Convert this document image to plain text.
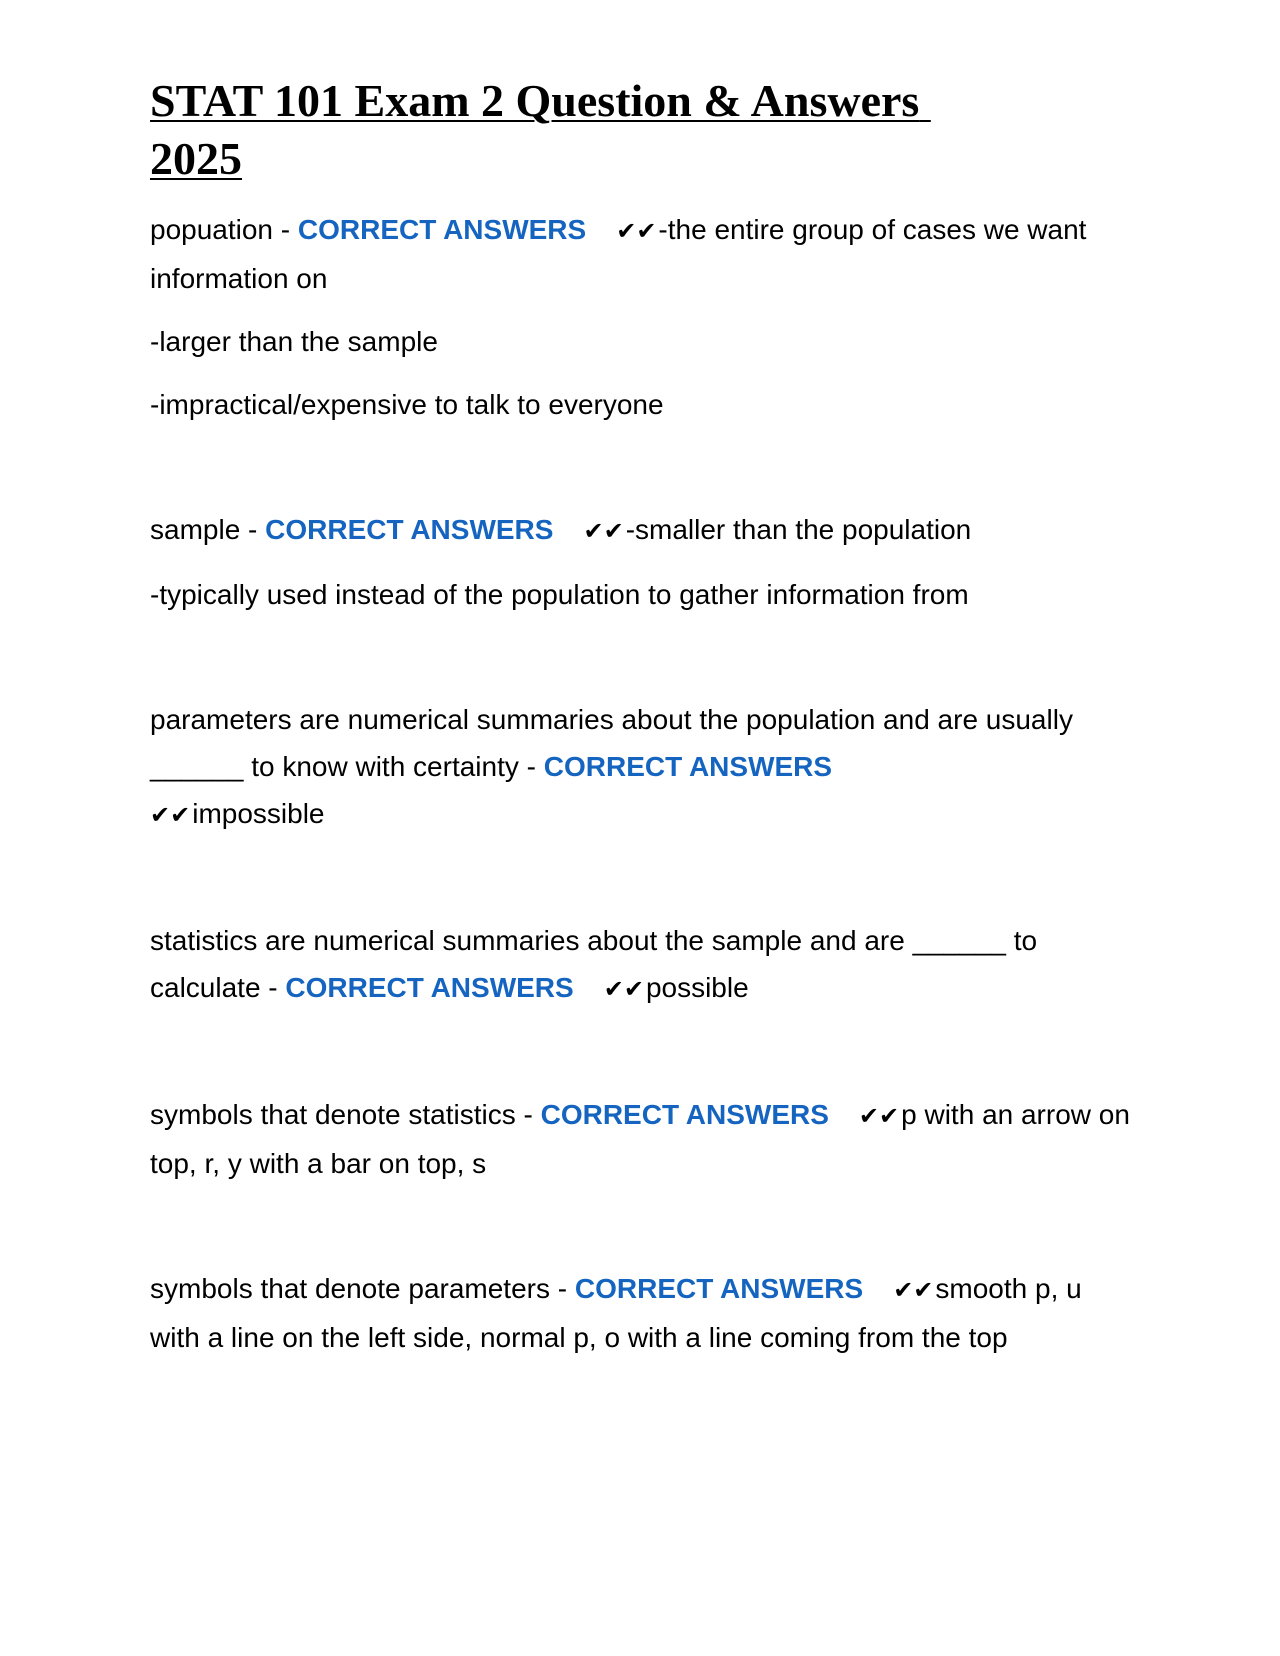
STAT 101 Exam 2 Question & Answers 2025

popuation - CORRECT ANSWERS ✔✔-the entire group of cases we want information on

-larger than the sample

-impractical/expensive to talk to everyone

sample - CORRECT ANSWERS ✔✔-smaller than the population

-typically used instead of the population to gather information from

parameters are numerical summaries about the population and are usually ______ to know with certainty - CORRECT ANSWERS
✔✔impossible

statistics are numerical summaries about the sample and are ______ to calculate - CORRECT ANSWERS ✔✔possible

symbols that denote statistics - CORRECT ANSWERS ✔✔p with an arrow on top, r, y with a bar on top, s

symbols that denote parameters - CORRECT ANSWERS ✔✔smooth p, u with a line on the left side, normal p, o with a line coming from the top
